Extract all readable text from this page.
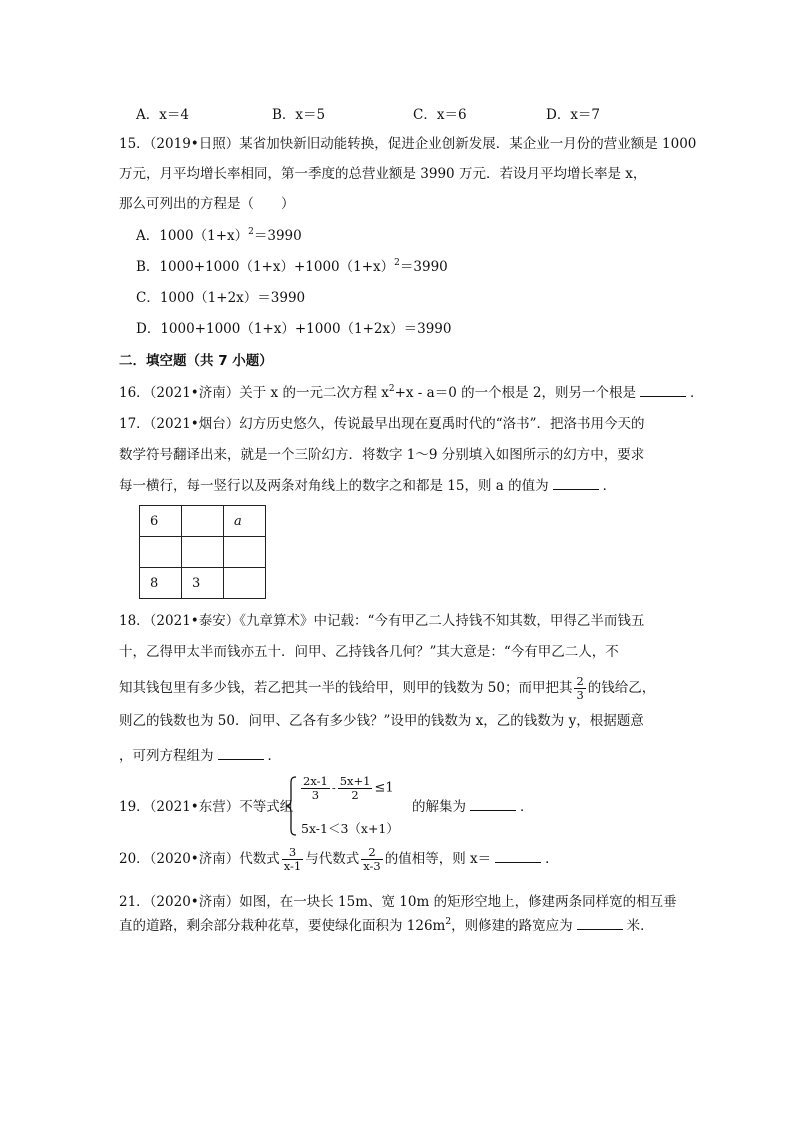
A．x＝4	B．x＝5	C．x＝6	D．x＝7
15．（2019•日照）某省加快新旧动能转换，促进企业创新发展．某企业一月份的营业额是 1000
万元，月平均增长率相同，第一季度的总营业额是 3990 万元．若设月平均增长率是 x，
那么可列出的方程是（　　）
A．$1000(1+x)^2=3990$
B．$1000+1000(1+x)+1000(1+x)^2=3990$
C．1000（1+2x）＝3990
D．1000+1000（1+x）+1000（1+2x）＝3990
二．填空题（共 7 小题）
16．（2021•济南）关于 x 的一元二次方程 $x^2+x - a=0$ 的一个根是 2，则另一个根是	．
17．（2021•烟台）幻方历史悠久，传说最早出现在夏禹时代的“洛书”．把洛书用今天的
数学符号翻译出来，就是一个三阶幻方．将数字 1～9 分别填入如图所示的幻方中，要求
每一横行，每一竖行以及两条对角线上的数字之和都是 15，则 a 的值为	．
6		a

8	3	
18．（2021•泰安）《九章算术》中记载：“今有甲乙二人持钱不知其数，甲得乙半而钱五
十，乙得甲太半而钱亦五十．问甲、乙持钱各几何？”其大意是：“今有甲乙二人，不
知其钱包里有多少钱，若乙把其一半的钱给甲，则甲的钱数为 50；而甲把其 $\frac{2}{3}$ 的钱给乙，
则乙的钱数也为 50．问甲、乙各有多少钱？”设甲的钱数为 x，乙的钱数为 y，根据题意
，可列方程组为	．
19．（2021•东营）不等式组
$\frac{2x-1}{3} - \frac{5x+1}{2} \le 1$
5x-1＜3（x+1）
的解集为	．
20．（2020•济南）代数式 $\frac{3}{x-1}$ 与代数式 $\frac{2}{x-3}$ 的值相等，则 x＝	．
21．（2020•济南）如图，在一块长 15m、宽 10m 的矩形空地上，修建两条同样宽的相互垂
直的道路，剩余部分栽种花草，要使绿化面积为 $126m^2$，则修建的路宽应为	米．
